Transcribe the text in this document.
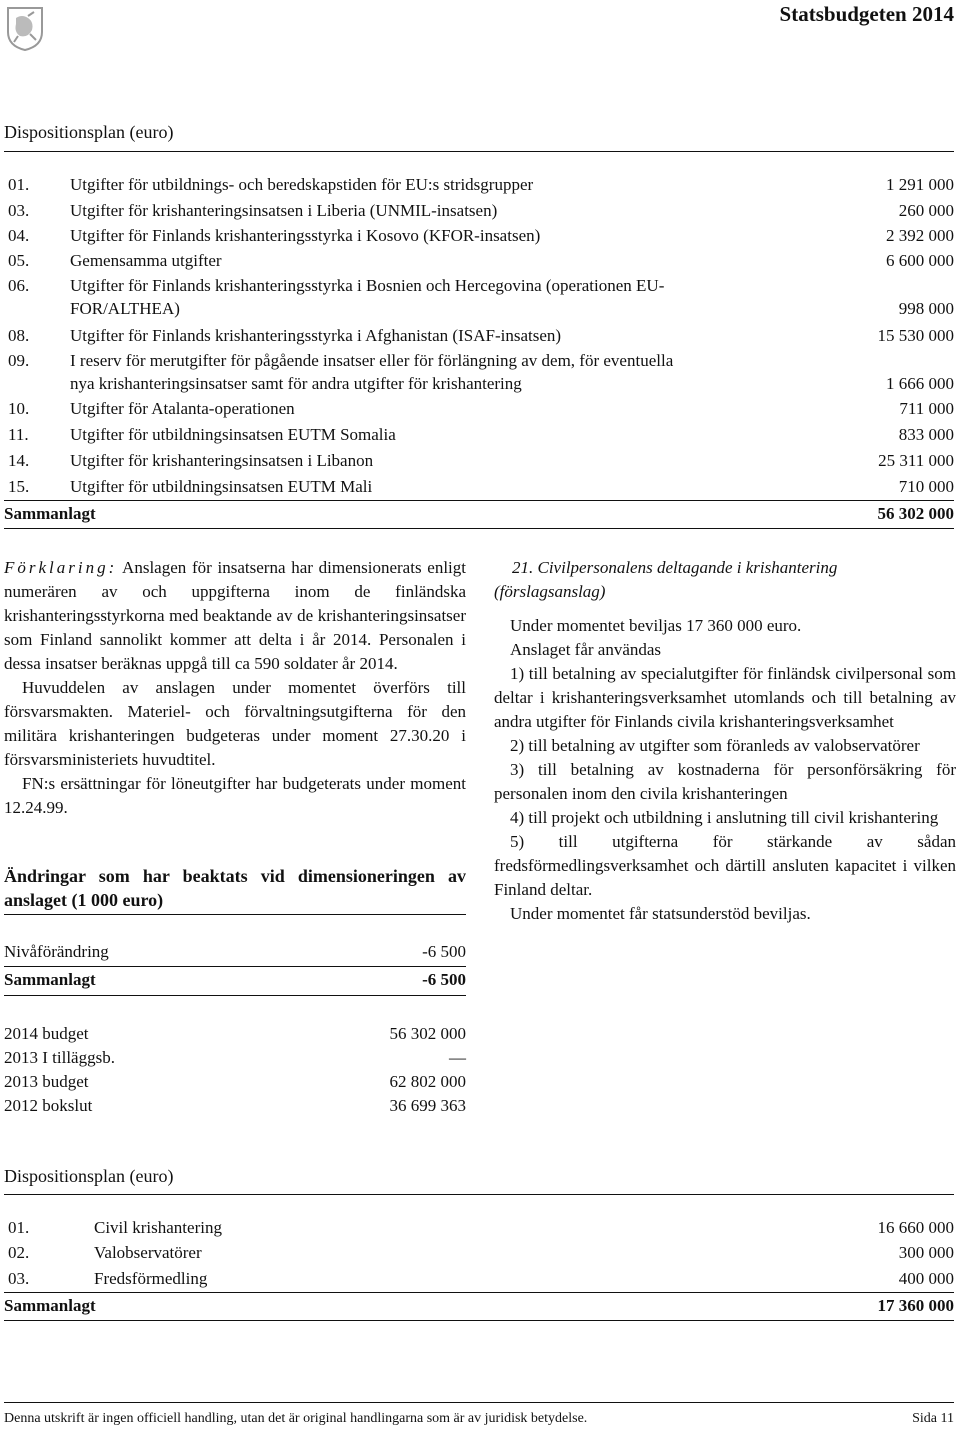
Statsbudgeten 2014
Dispositionsplan (euro)
01. Utgifter för utbildnings- och beredskapstiden för EU:s stridsgrupper	1 291 000
03. Utgifter för krishanteringsinsatsen i Liberia (UNMIL-insatsen)	260 000
04. Utgifter för Finlands krishanteringsstyrka i Kosovo (KFOR-insatsen)	2 392 000
05. Gemensamma utgifter	6 600 000
06. Utgifter för Finlands krishanteringsstyrka i Bosnien och Hercegovina (operationen EU-
FOR/ALTHEA)	998 000
08. Utgifter för Finlands krishanteringsstyrka i Afghanistan (ISAF-insatsen)	15 530 000
09. I reserv för merutgifter för pågående insatser eller för förlängning av dem, för eventuella
nya krishanteringsinsatser samt för andra utgifter för krishantering	1 666 000
10. Utgifter för Atalanta-operationen	711 000
11. Utgifter för utbildningsinsatsen EUTM Somalia	833 000
14. Utgifter för krishanteringsinsatsen i Libanon	25 311 000
15. Utgifter för utbildningsinsatsen EUTM Mali	710 000
Sammanlagt	56 302 000

Förklaring: Anslagen för insatserna har dimensionerats enligt numerären av och uppgifterna inom de finländska krishanteringsstyrkorna med beaktande av de krishanteringsinsatser som Finland sannolikt kommer att delta i år 2014. Personalen i dessa insatser beräknas uppgå till ca 590 soldater år 2014.

Huvuddelen av anslagen under momentet överförs till försvarsmakten. Materiel- och förvaltningsutgifterna för den militära krishanteringen budgeteras under moment 27.30.20 i försvarsministeriets huvudtitel.

FN:s ersättningar för löneutgifter har budgeterats under moment 12.24.99.

Ändringar som har beaktats vid dimensioneringen av anslaget (1 000 euro)
Nivåförändring	-6 500
Sammanlagt	-6 500
2014 budget	56 302 000
2013 I tilläggsb.	—
2013 budget	62 802 000
2012 bokslut	36 699 363

21. Civilpersonalens deltagande i krishantering

(förslagsanslag)

Under momentet beviljas 17 360 000 euro.

Anslaget får användas

1) till betalning av specialutgifter för finländsk civilpersonal som deltar i krishanteringsverksamhet utomlands och till betalning av andra utgifter för Finlands civila krishanteringsverksamhet

2) till betalning av utgifter som föranleds av valobservatörer

3) till betalning av kostnaderna för personförsäkring för personalen inom den civila krishanteringen

4) till projekt och utbildning i anslutning till civil krishantering

5) till utgifterna för stärkande av sådan fredsförmedlingsverksamhet och därtill ansluten kapacitet i vilken Finland deltar.

Under momentet får statsunderstöd beviljas.

Dispositionsplan (euro)
01.	Civil krishantering	16 660 000
02.	Valobservatörer	300 000
03.	Fredsförmedling	400 000
Sammanlagt	17 360 000
Denna utskrift är ingen officiell handling, utan det är original handlingarna som är av juridisk betydelse.	Sida 11
